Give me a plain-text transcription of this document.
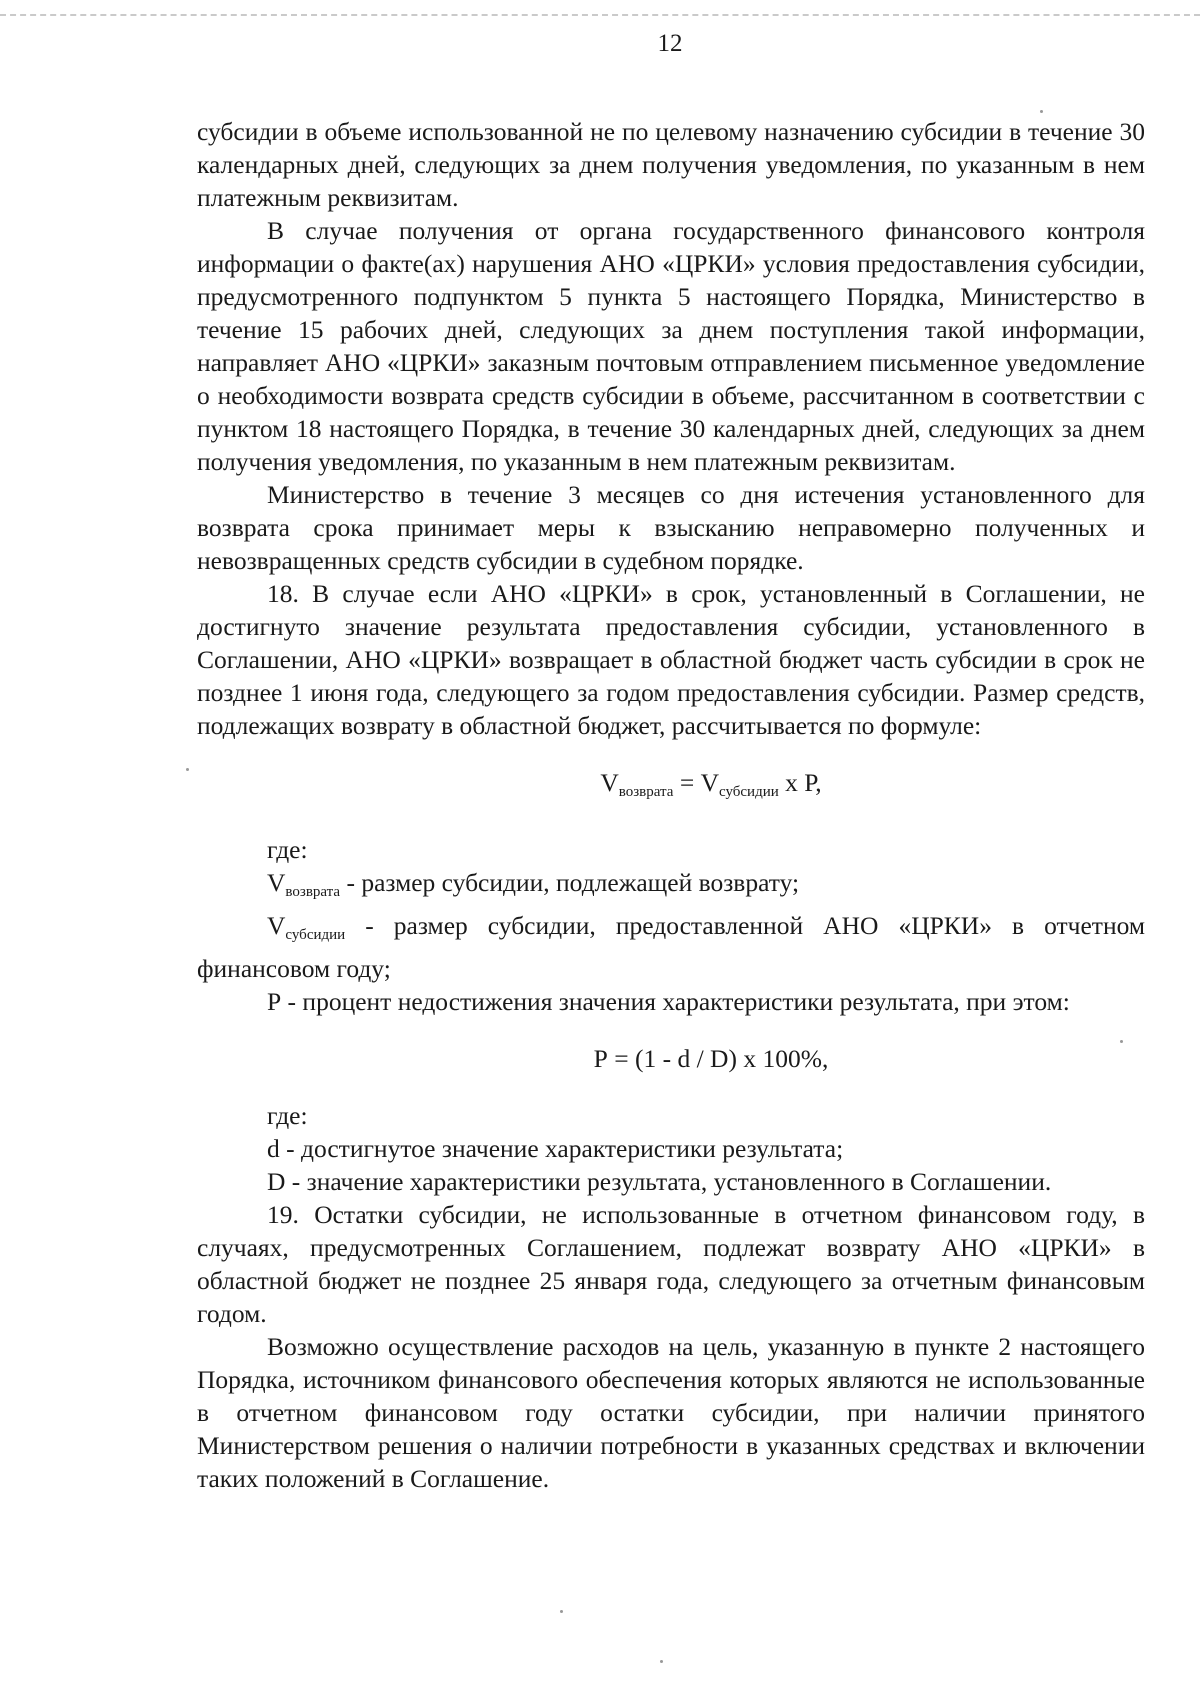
12

субсидии в объеме использованной не по целевому назначению субсидии в течение 30 календарных дней, следующих за днем получения уведомления, по указанным в нем платежным реквизитам.

В случае получения от органа государственного финансового контроля информации о факте(ах) нарушения АНО «ЦРКИ» условия предоставления субсидии, предусмотренного подпунктом 5 пункта 5 настоящего Порядка, Министерство в течение 15 рабочих дней, следующих за днем поступления такой информации, направляет АНО «ЦРКИ» заказным почтовым отправлением письменное уведомление о необходимости возврата средств субсидии в объеме, рассчитанном в соответствии с пунктом 18 настоящего Порядка, в течение 30 календарных дней, следующих за днем получения уведомления, по указанным в нем платежным реквизитам.

Министерство в течение 3 месяцев со дня истечения установленного для возврата срока принимает меры к взысканию неправомерно полученных и невозвращенных средств субсидии в судебном порядке.

18. В случае если АНО «ЦРКИ» в срок, установленный в Соглашении, не достигнуто значение результата предоставления субсидии, установленного в Соглашении, АНО «ЦРКИ» возвращает в областной бюджет часть субсидии в срок не позднее 1 июня года, следующего за годом предоставления субсидии. Размер средств, подлежащих возврату в областной бюджет, рассчитывается по формуле:

$V_{возврата} = V_{субсидии}$ х Р,

где:

$V_{возврата}$ - размер субсидии, подлежащей возврату;

$V_{субсидии}$ - размер субсидии, предоставленной АНО «ЦРКИ» в отчетном финансовом году;

Р - процент недостижения значения характеристики результата, при этом:

Р = (1 - d / D) х 100%,

где:

d - достигнутое значение характеристики результата;

D - значение характеристики результата, установленного в Соглашении.

19. Остатки субсидии, не использованные в отчетном финансовом году, в случаях, предусмотренных Соглашением, подлежат возврату АНО «ЦРКИ» в областной бюджет не позднее 25 января года, следующего за отчетным финансовым годом.

Возможно осуществление расходов на цель, указанную в пункте 2 настоящего Порядка, источником финансового обеспечения которых являются не использованные в отчетном финансовом году остатки субсидии, при наличии принятого Министерством решения о наличии потребности в указанных средствах и включении таких положений в Соглашение.
